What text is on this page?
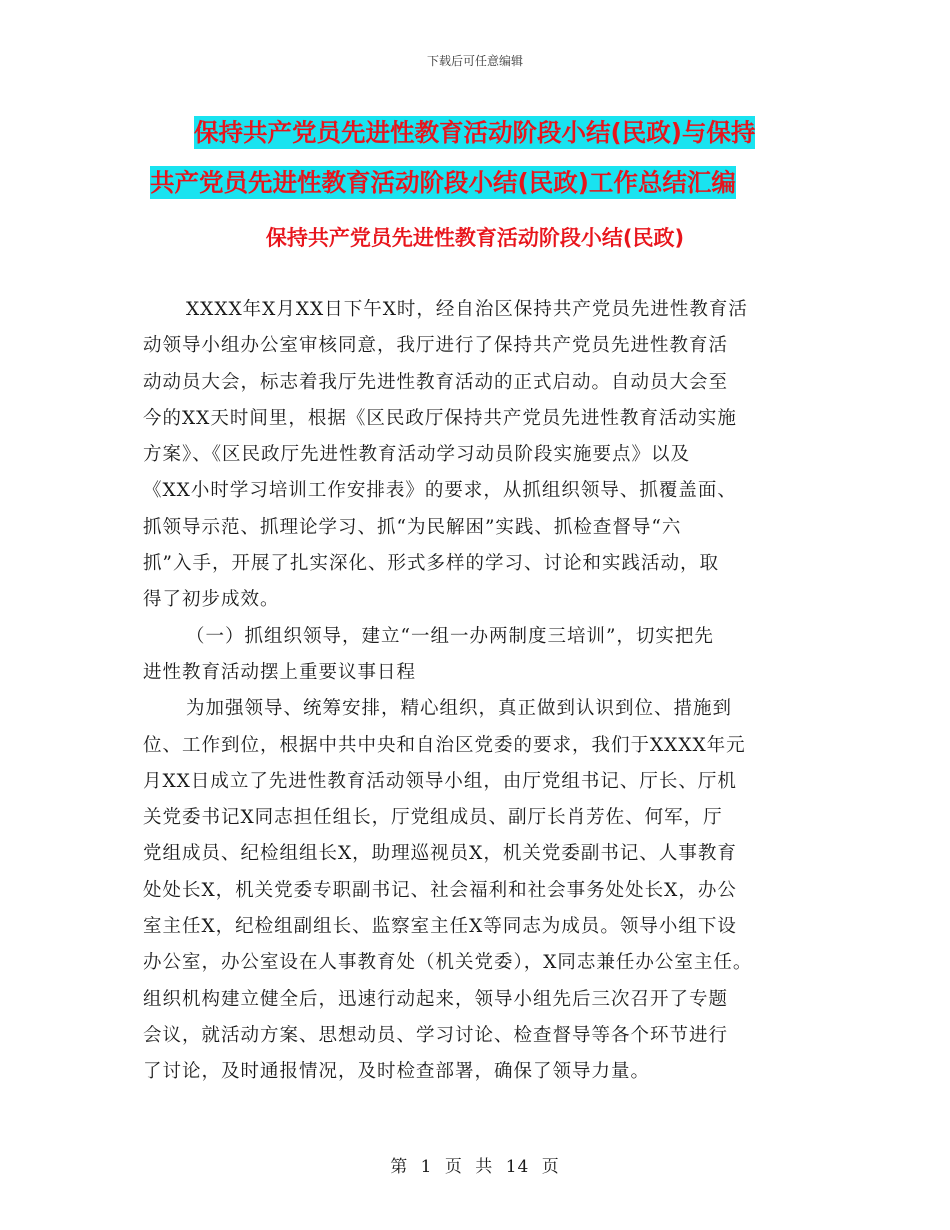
下载后可任意编辑
保持共产党员先进性教育活动阶段小结(民政)与保持
共产党员先进性教育活动阶段小结(民政)工作总结汇编
保持共产党员先进性教育活动阶段小结(民政)
XXXX年X月XX日下午X时，经自治区保持共产党员先进性教育活
动领导小组办公室审核同意，我厅进行了保持共产党员先进性教育活
动动员大会，标志着我厅先进性教育活动的正式启动。自动员大会至
今的XX天时间里，根据《区民政厅保持共产党员先进性教育活动实施
方案》、《区民政厅先进性教育活动学习动员阶段实施要点》以及
《XX小时学习培训工作安排表》的要求，从抓组织领导、抓覆盖面、
抓领导示范、抓理论学习、抓“为民解困”实践、抓检查督导“六
抓”入手，开展了扎实深化、形式多样的学习、讨论和实践活动，取
得了初步成效。
（一）抓组织领导，建立“一组一办两制度三培训”，切实把先
进性教育活动摆上重要议事日程
为加强领导、统筹安排，精心组织，真正做到认识到位、措施到
位、工作到位，根据中共中央和自治区党委的要求，我们于XXXX年元
月XX日成立了先进性教育活动领导小组，由厅党组书记、厅长、厅机
关党委书记X同志担任组长，厅党组成员、副厅长肖芳佐、何军，厅
党组成员、纪检组组长X，助理巡视员X，机关党委副书记、人事教育
处处长X，机关党委专职副书记、社会福利和社会事务处处长X，办公
室主任X，纪检组副组长、监察室主任X等同志为成员。领导小组下设
办公室，办公室设在人事教育处（机关党委），X同志兼任办公室主任。
组织机构建立健全后，迅速行动起来，领导小组先后三次召开了专题
会议，就活动方案、思想动员、学习讨论、检查督导等各个环节进行
了讨论，及时通报情况，及时检查部署，确保了领导力量。
第 1 页 共 14 页
